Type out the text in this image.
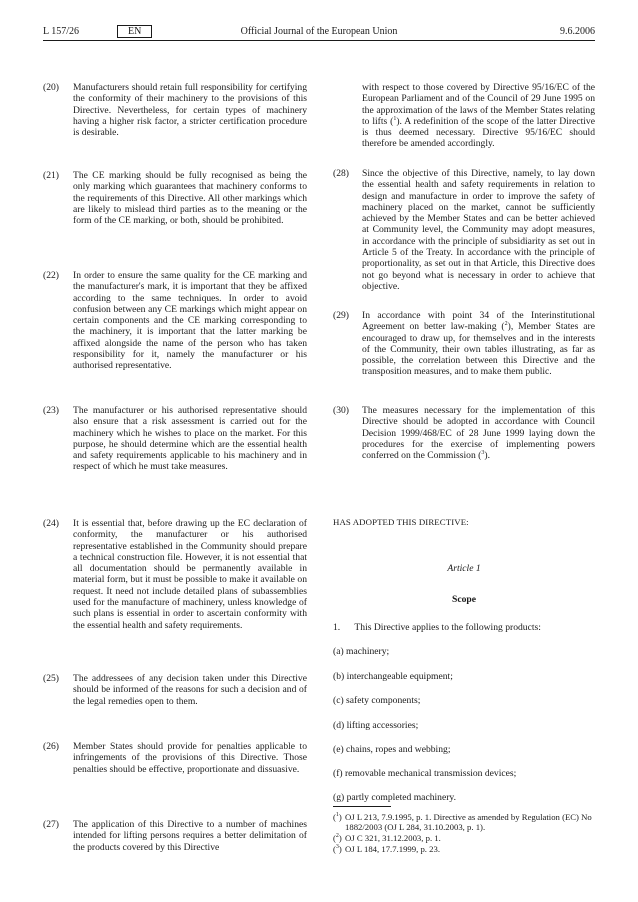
L 157/26	Official Journal of the European Union
EN	9.6.2006
(20) Manufacturers should retain full responsibility for certifying the conformity of their machinery to the provisions of this Directive. Nevertheless, for certain types of machinery having a higher risk factor, a stricter certification procedure is desirable.
(21) The CE marking should be fully recognised as being the only marking which guarantees that machinery conforms to the requirements of this Directive. All other markings which are likely to mislead third parties as to the meaning or the form of the CE marking, or both, should be prohibited.
(22) In order to ensure the same quality for the CE marking and the manufacturer's mark, it is important that they be affixed according to the same techniques. In order to avoid confusion between any CE markings which might appear on certain components and the CE marking corresponding to the machinery, it is important that the latter marking be affixed alongside the name of the person who has taken responsibility for it, namely the manufacturer or his authorised representative.
(23) The manufacturer or his authorised representative should also ensure that a risk assessment is carried out for the machinery which he wishes to place on the market. For this purpose, he should determine which are the essential health and safety requirements applicable to his machinery and in respect of which he must take measures.
(24) It is essential that, before drawing up the EC declaration of conformity, the manufacturer or his authorised representative established in the Community should prepare a technical construction file. However, it is not essential that all documentation should be permanently available in material form, but it must be possible to make it available on request. It need not include detailed plans of subassemblies used for the manufacture of machinery, unless knowledge of such plans is essential in order to ascertain conformity with the essential health and safety requirements.
(25) The addressees of any decision taken under this Directive should be informed of the reasons for such a decision and of the legal remedies open to them.
(26) Member States should provide for penalties applicable to infringements of the provisions of this Directive. Those penalties should be effective, proportionate and dissuasive.
(27) The application of this Directive to a number of machines intended for lifting persons requires a better delimitation of the products covered by this Directive
with respect to those covered by Directive 95/16/EC of the European Parliament and of the Council of 29 June 1995 on the approximation of the laws of the Member States relating to lifts ($^1$). A redefinition of the scope of the latter Directive is thus deemed necessary. Directive 95/16/EC should therefore be amended accordingly.
(28) Since the objective of this Directive, namely, to lay down the essential health and safety requirements in relation to design and manufacture in order to improve the safety of machinery placed on the market, cannot be sufficiently achieved by the Member States and can be better achieved at Community level, the Community may adopt measures, in accordance with the principle of subsidiarity as set out in Article 5 of the Treaty. In accordance with the principle of proportionality, as set out in that Article, this Directive does not go beyond what is necessary in order to achieve that objective.
(29) In accordance with point 34 of the Interinstitutional Agreement on better law-making ($^2$), Member States are encouraged to draw up, for themselves and in the interests of the Community, their own tables illustrating, as far as possible, the correlation between this Directive and the transposition measures, and to make them public.
(30) The measures necessary for the implementation of this Directive should be adopted in accordance with Council Decision 1999/468/EC of 28 June 1999 laying down the procedures for the exercise of implementing powers conferred on the Commission ($^3$).
HAS ADOPTED THIS DIRECTIVE:
Article 1
Scope
1.      This Directive applies to the following products:
(a) machinery;
(b) interchangeable equipment;
(c) safety components;
(d) lifting accessories;
(e) chains, ropes and webbing;
(f) removable mechanical transmission devices;
(g) partly completed machinery.
($^1$) OJ L 213, 7.9.1995, p. 1. Directive as amended by Regulation (EC) No 1882/2003 (OJ L 284, 31.10.2003, p. 1).
($^2$) OJ C 321, 31.12.2003, p. 1.
($^3$) OJ L 184, 17.7.1999, p. 23.
